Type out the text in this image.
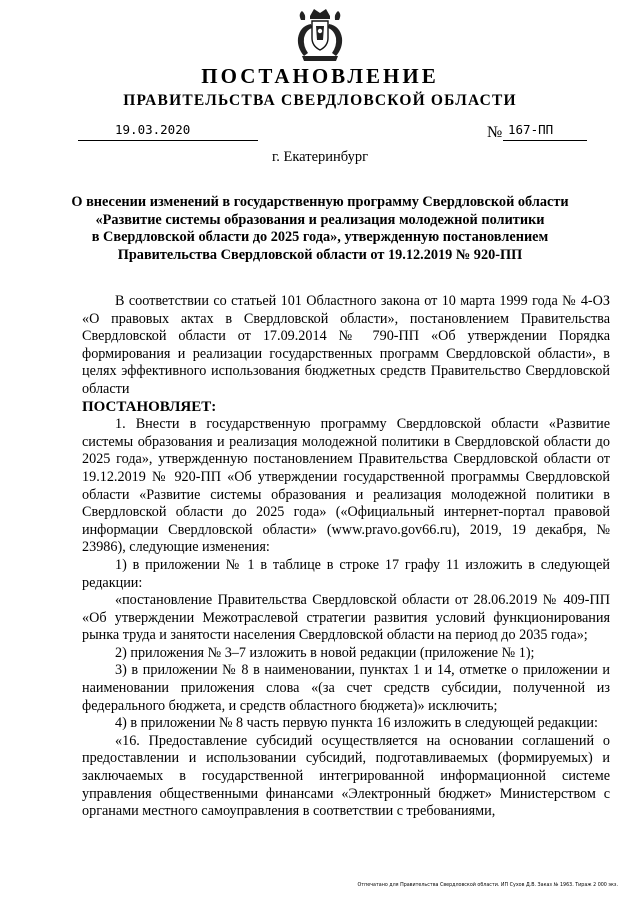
ПОСТАНОВЛЕНИЕ
ПРАВИТЕЛЬСТВА СВЕРДЛОВСКОЙ ОБЛАСТИ
19.03.2020	№ 167-ПП
г. Екатеринбург
О внесении изменений в государственную программу Свердловской области
«Развитие системы образования и реализация молодежной политики
в Свердловской области до 2025 года», утвержденную постановлением
Правительства Свердловской области от 19.12.2019 № 920-ПП

В соответствии со статьей 101 Областного закона от 10 марта 1999 года № 4-ОЗ «О правовых актах в Свердловской области», постановлением Правительства Свердловской области от 17.09.2014 № 790-ПП «Об утверждении Порядка формирования и реализации государственных программ Свердловской области», в целях эффективного использования бюджетных средств Правительство Свердловской области

ПОСТАНОВЛЯЕТ:

1. Внести в государственную программу Свердловской области «Развитие системы образования и реализация молодежной политики в Свердловской области до 2025 года», утвержденную постановлением Правительства Свердловской области от 19.12.2019 № 920-ПП «Об утверждении государственной программы Свердловской области «Развитие системы образования и реализация молодежной политики в Свердловской области до 2025 года» («Официальный интернет-портал правовой информации Свердловской области» (www.pravo.gov66.ru), 2019, 19 декабря, № 23986), следующие изменения:

1) в приложении № 1 в таблице в строке 17 графу 11 изложить в следующей редакции:

«постановление Правительства Свердловской области от 28.06.2019 № 409-ПП «Об утверждении Межотраслевой стратегии развития условий функционирования рынка труда и занятости населения Свердловской области на период до 2035 года»;

2) приложения № 3–7 изложить в новой редакции (приложение № 1);

3) в приложении № 8 в наименовании, пунктах 1 и 14, отметке о приложении и наименовании приложения слова «(за счет средств субсидии, полученной из федерального бюджета, и средств областного бюджета)» исключить;

4) в приложении № 8 часть первую пункта 16 изложить в следующей редакции:

«16. Предоставление субсидий осуществляется на основании соглашений о предоставлении и использовании субсидий, подготавливаемых (формируемых) и заключаемых в государственной интегрированной информационной системе управления общественными финансами «Электронный бюджет» Министерством с органами местного самоуправления в соответствии с требованиями,

Отпечатано для Правительства Свердловской области. ИП Сухов Д.В. Заказ № 1963. Тираж 2 000 экз.
